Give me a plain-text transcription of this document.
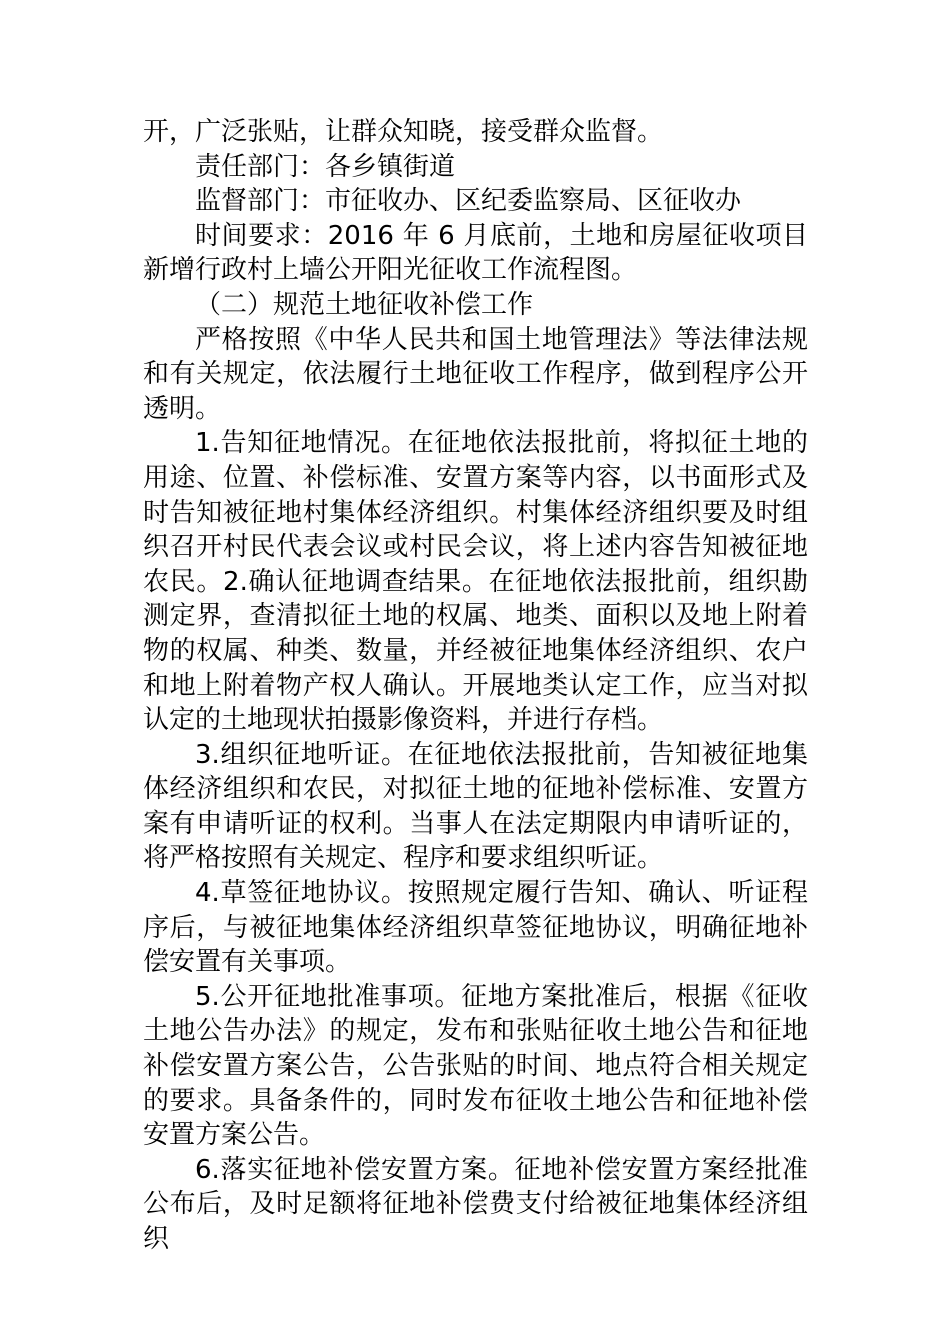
开，广泛张贴，让群众知晓，接受群众监督。

责任部门：各乡镇街道

监督部门：市征收办、区纪委监察局、区征收办

时间要求：2016 年 6 月底前，土地和房屋征收项目新增行政村上墙公开阳光征收工作流程图。

（二）规范土地征收补偿工作

严格按照《中华人民共和国土地管理法》等法律法规和有关规定，依法履行土地征收工作程序，做到程序公开透明。

1.告知征地情况。在征地依法报批前，将拟征土地的用途、位置、补偿标准、安置方案等内容，以书面形式及时告知被征地村集体经济组织。村集体经济组织要及时组织召开村民代表会议或村民会议，将上述内容告知被征地农民。2.确认征地调查结果。在征地依法报批前，组织勘测定界，查清拟征土地的权属、地类、面积以及地上附着物的权属、种类、数量，并经被征地集体经济组织、农户和地上附着物产权人确认。开展地类认定工作，应当对拟认定的土地现状拍摄影像资料，并进行存档。

3.组织征地听证。在征地依法报批前，告知被征地集体经济组织和农民，对拟征土地的征地补偿标准、安置方案有申请听证的权利。当事人在法定期限内申请听证的，将严格按照有关规定、程序和要求组织听证。

4.草签征地协议。按照规定履行告知、确认、听证程序后，与被征地集体经济组织草签征地协议，明确征地补偿安置有关事项。

5.公开征地批准事项。征地方案批准后，根据《征收土地公告办法》的规定，发布和张贴征收土地公告和征地补偿安置方案公告，公告张贴的时间、地点符合相关规定的要求。具备条件的，同时发布征收土地公告和征地补偿安置方案公告。

6.落实征地补偿安置方案。征地补偿安置方案经批准公布后，及时足额将征地补偿费支付给被征地集体经济组织
